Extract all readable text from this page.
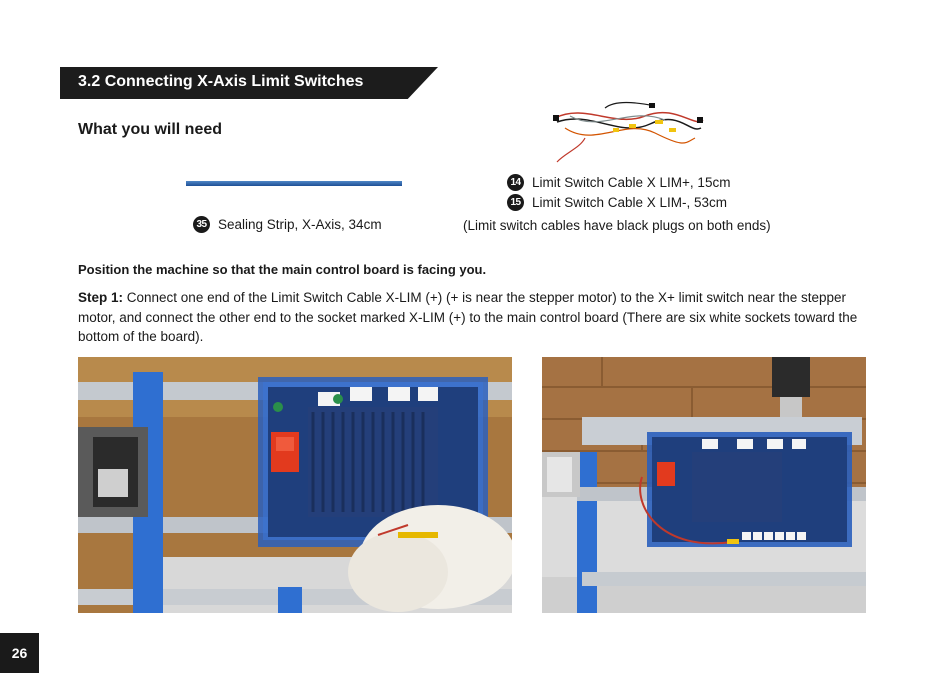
3.2 Connecting X-Axis Limit Switches
What you will need
35 Sealing Strip, X-Axis, 34cm
14 Limit Switch Cable X LIM+, 15cm
15 Limit Switch Cable X LIM-, 53cm
(Limit switch cables have black plugs on both ends)
Position the machine so that the main control board is facing you.
Step 1: Connect one end of the Limit Switch Cable X-LIM (+) (+ is near the stepper motor) to the X+ limit switch near the stepper motor, and connect the other end to the socket marked X-LIM (+) to the main control board (There are six white sockets toward the bottom of the board).
26
